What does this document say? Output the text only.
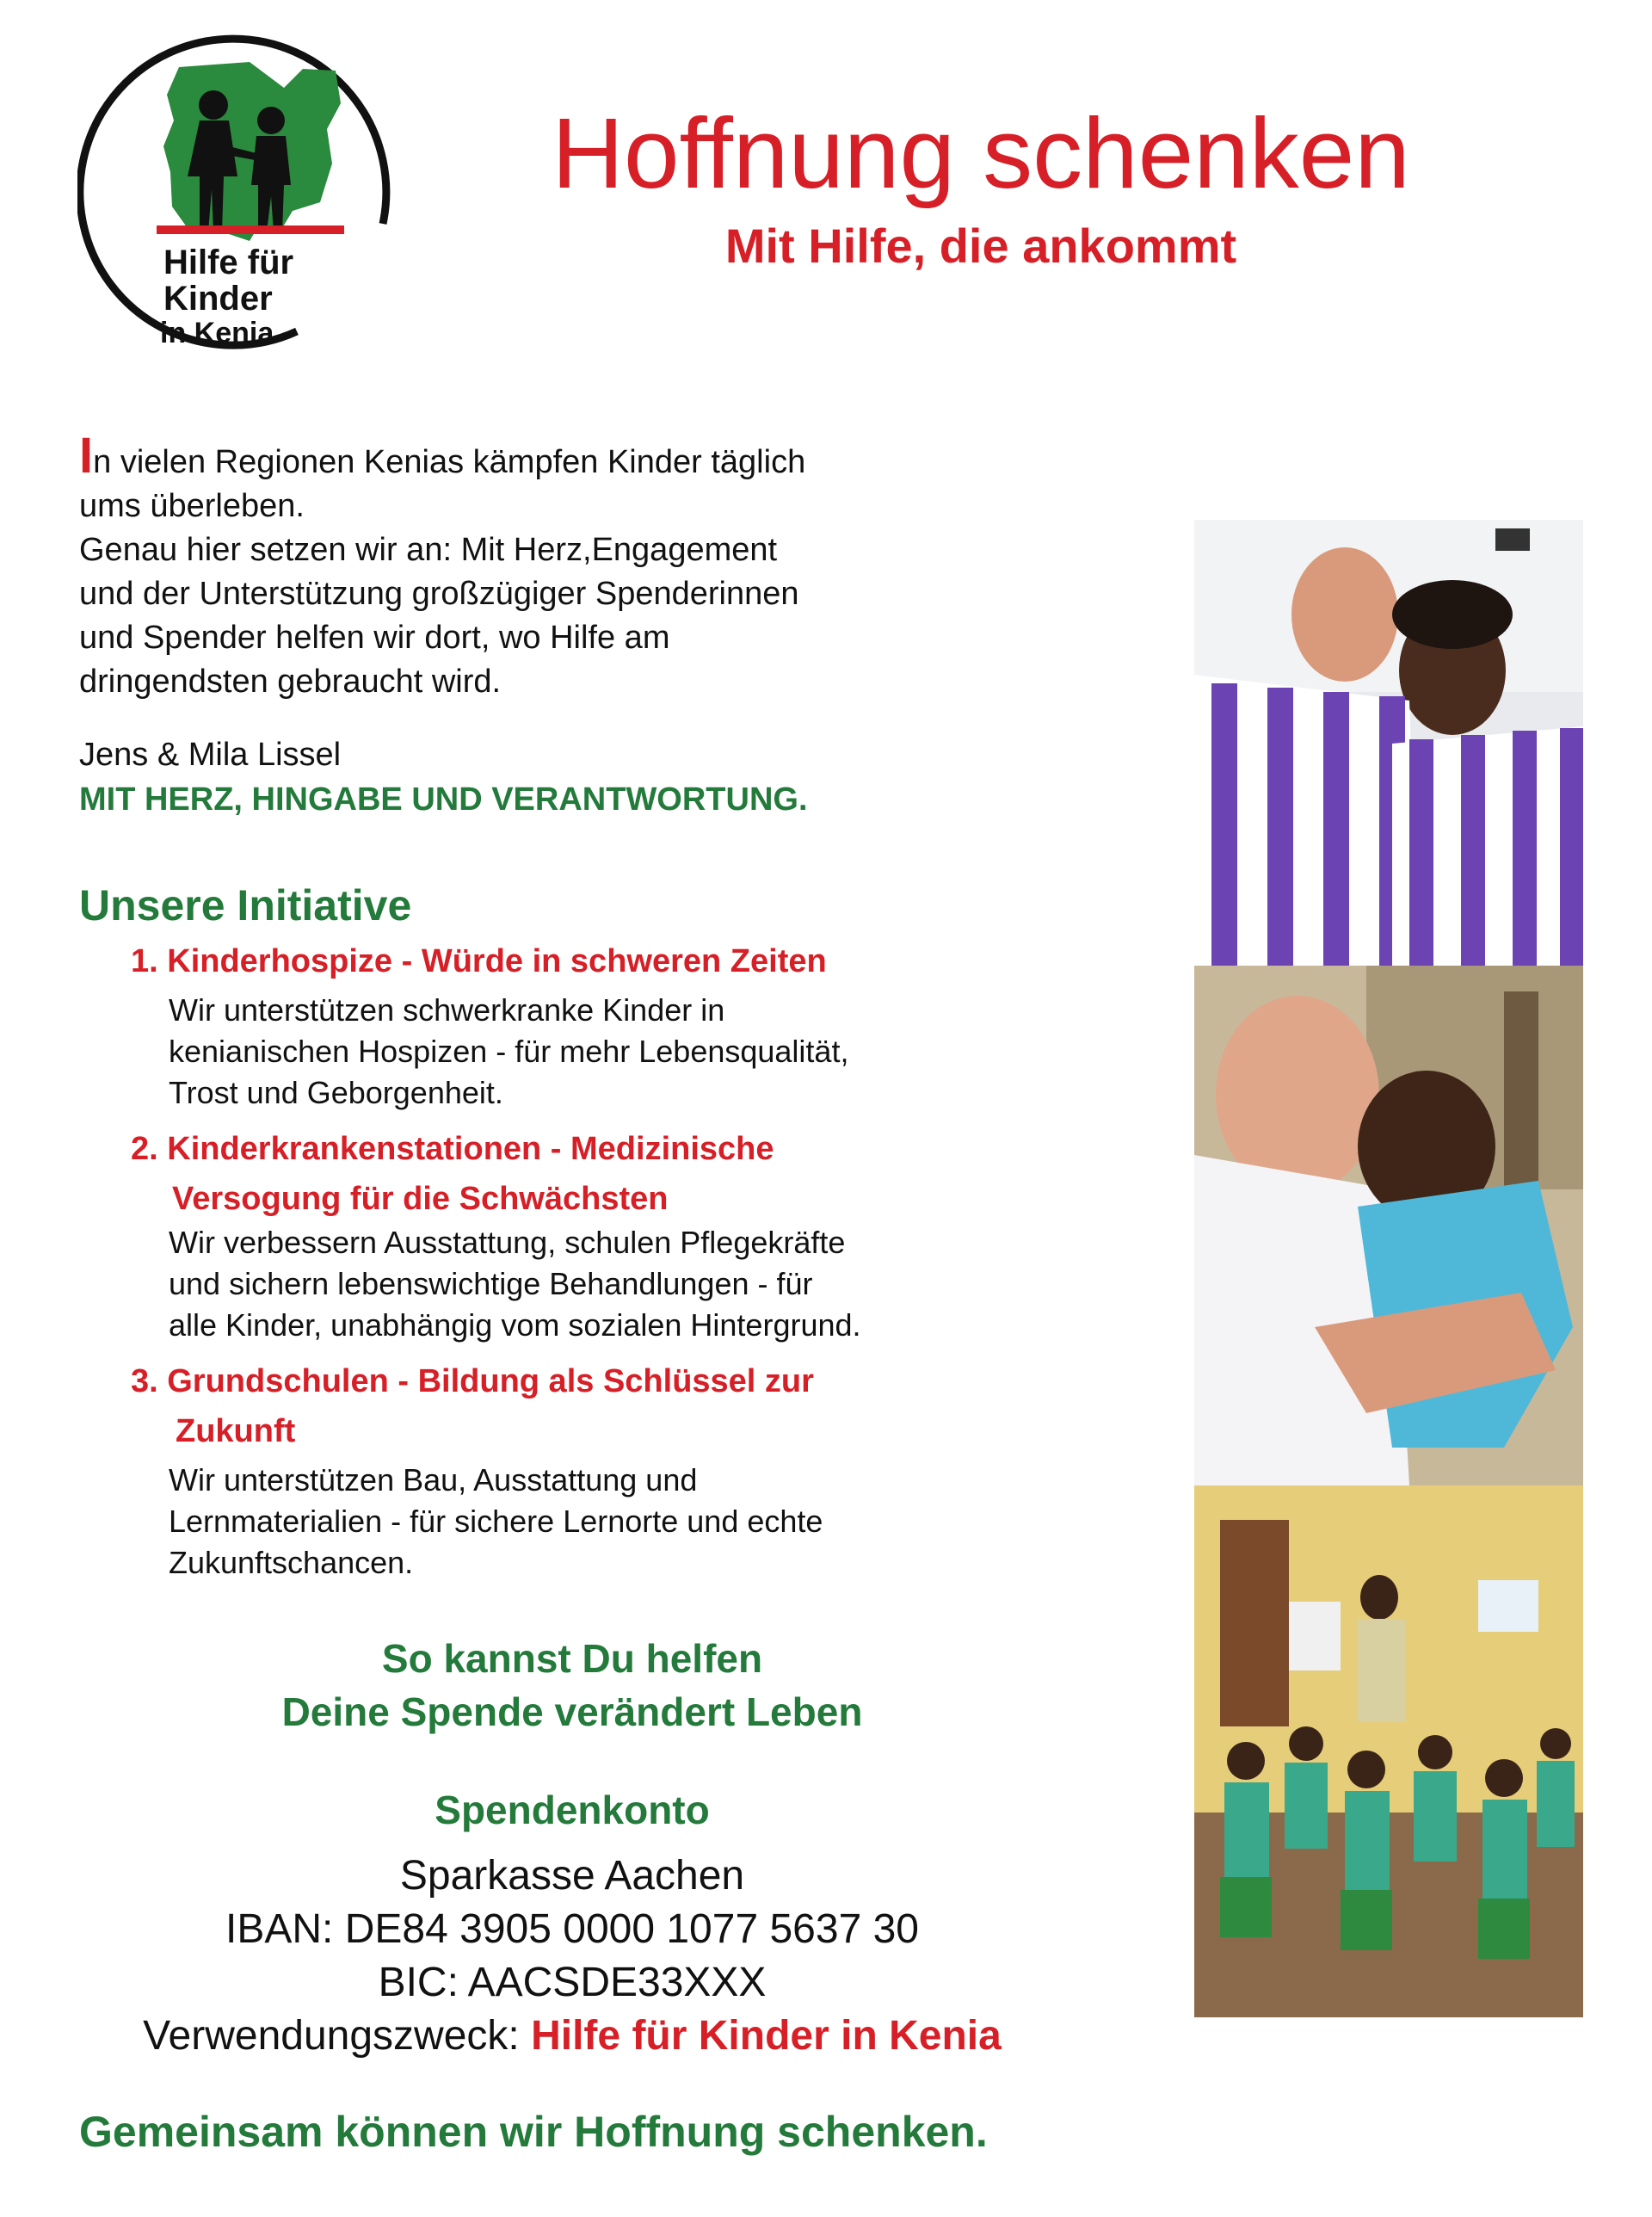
Hilfe für
Kinder
in Kenia
Hoffnung schenken
Mit Hilfe, die ankommt

In vielen Regionen Kenias kämpfen Kinder täglich
ums überleben.
Genau hier setzen wir an: Mit Herz,Engagement
und der Unterstützung großzügiger Spenderinnen
und Spender helfen wir dort, wo Hilfe am
dringendsten gebraucht wird.

Jens & Mila Lissel

MIT HERZ, HINGABE UND VERANTWORTUNG.

Unsere Initiative

1. Kinderhospize - Würde in schweren Zeiten

Wir unterstützen schwerkranke Kinder in
kenianischen Hospizen - für mehr Lebensqualität,
Trost und Geborgenheit.

2. Kinderkrankenstationen - Medizinische
Versogung für die Schwächsten

Wir verbessern Ausstattung, schulen Pflegekräfte
und sichern lebenswichtige Behandlungen - für
alle Kinder, unabhängig vom sozialen Hintergrund.

3. Grundschulen - Bildung als Schlüssel zur
Zukunft

Wir unterstützen Bau, Ausstattung und
Lernmaterialien - für sichere Lernorte und echte
Zukunftschancen.

So kannst Du helfen

Deine Spende verändert Leben

Spendenkonto

Sparkasse Aachen

IBAN: DE84 3905 0000 1077 5637 30

BIC: AACSDE33XXX

Verwendungszweck: Hilfe für Kinder in Kenia

Gemeinsam können wir Hoffnung schenken.
